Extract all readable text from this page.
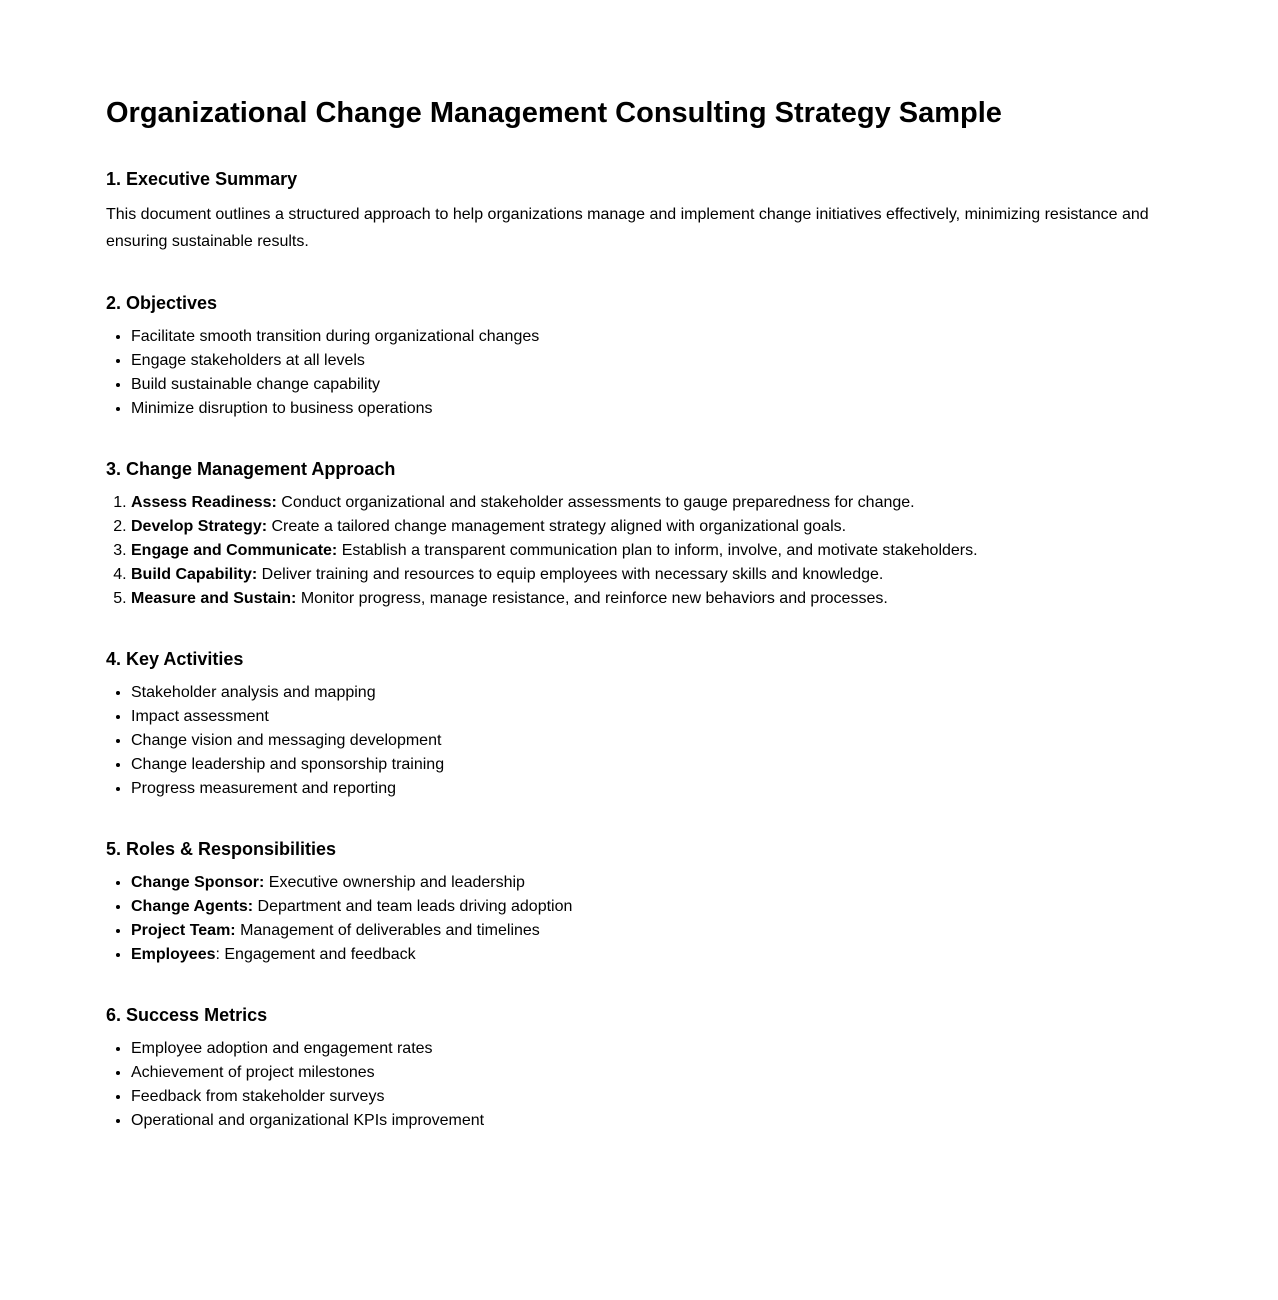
Organizational Change Management Consulting Strategy Sample
1. Executive Summary

This document outlines a structured approach to help organizations manage and implement change initiatives effectively, minimizing resistance and ensuring sustainable results.

2. Objectives
• Facilitate smooth transition during organizational changes
• Engage stakeholders at all levels
• Build sustainable change capability
• Minimize disruption to business operations
3. Change Management Approach
1. Assess Readiness: Conduct organizational and stakeholder assessments to gauge preparedness for change.
2. Develop Strategy: Create a tailored change management strategy aligned with organizational goals.
3. Engage and Communicate: Establish a transparent communication plan to inform, involve, and motivate stakeholders.
4. Build Capability: Deliver training and resources to equip employees with necessary skills and knowledge.
5. Measure and Sustain: Monitor progress, manage resistance, and reinforce new behaviors and processes.
4. Key Activities
• Stakeholder analysis and mapping
• Impact assessment
• Change vision and messaging development
• Change leadership and sponsorship training
• Progress measurement and reporting
5. Roles & Responsibilities
• Change Sponsor: Executive ownership and leadership
• Change Agents: Department and team leads driving adoption
• Project Team: Management of deliverables and timelines
• Employees: Engagement and feedback
6. Success Metrics
• Employee adoption and engagement rates
• Achievement of project milestones
• Feedback from stakeholder surveys
• Operational and organizational KPIs improvement
